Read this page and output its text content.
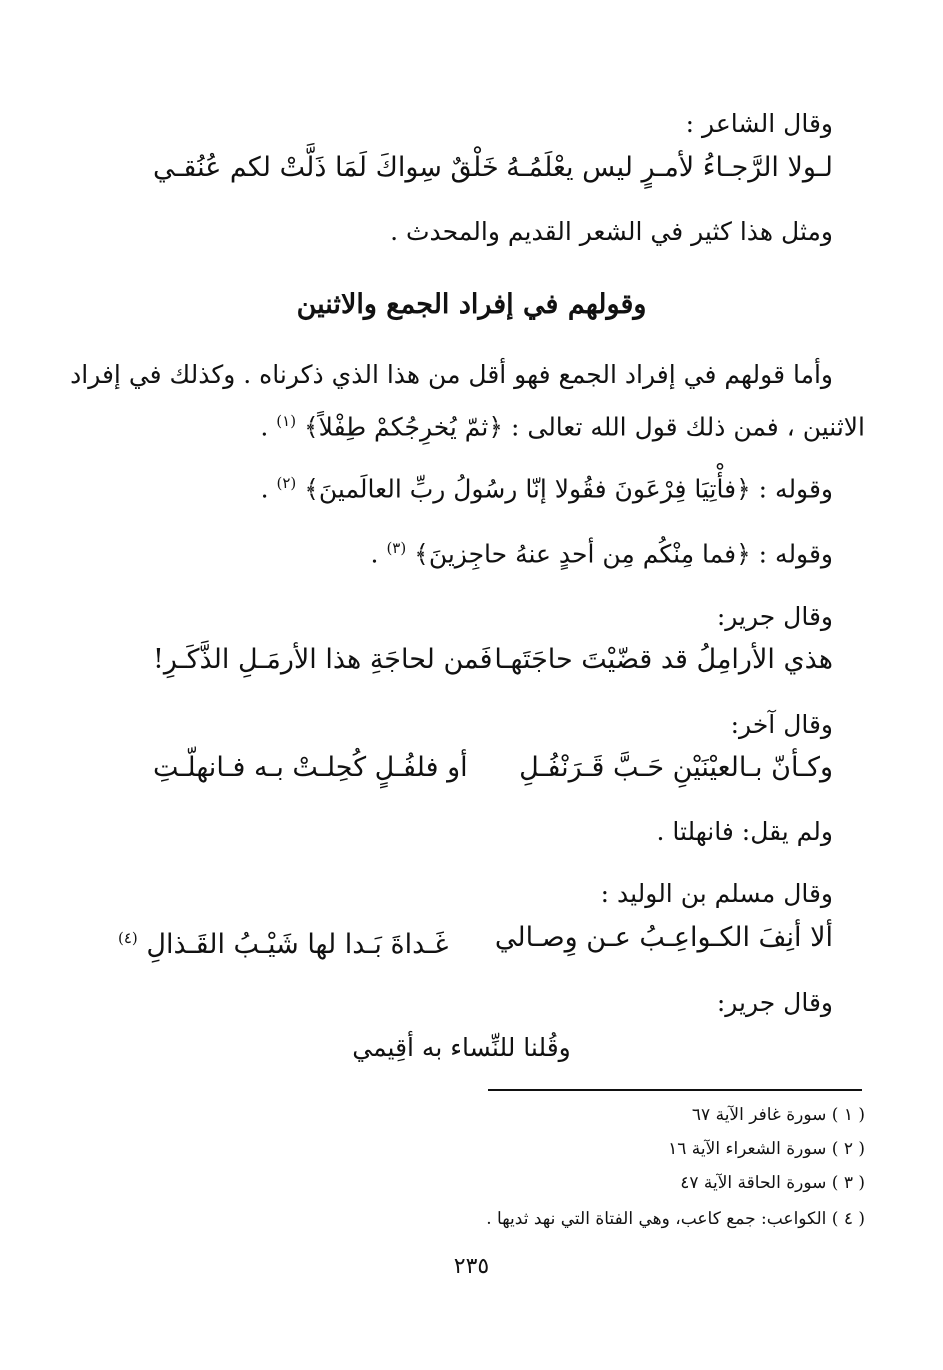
وقال الشاعر :
لـولا الرَّجـاءُ لأمـرٍ ليس يعْلَمُـهُ
خَلْقٌ سِواكَ لَمَا ذَلَّتْ لكم عُنُقـي
ومثل هذا كثير في الشعر القديم والمحدث .
وقولهم في إفراد الجمع والاثنين
وأما قولهم في إفراد الجمع فهو أقل من هذا الذي ذكرناه . وكذلك في إفراد
الاثنين ، فمن ذلك قول الله تعالى : ﴿ثمّ يُخرِجُكمْ طِفْلاً﴾ $^{(١)}$ .
وقوله : ﴿فأْتِيَا فِرْعَونَ فقُولا إنّا رسُولُ ربِّ العالَمينَ﴾ $^{(٢)}$ .
وقوله : ﴿فما مِنْكُم مِن أحدٍ عنهُ حاجِزينَ﴾ $^{(٣)}$ .
وقال جرير:
هذي الأرامِلُ قد قضّيْتَ حاجَتَهـا
فَمن لحاجَةِ هذا الأرمَـلِ الذَّكَـرِ!
وقال آخر:
وكـأنّ بـالعيْنَيْنِ حَـبَّ قَـرَنْفُـلِ
أو فلفُـلٍ كُحِلـتْ بـه فـانهلّـتِ
ولم يقل: فانهلتا .
وقال مسلم بن الوليد :
ألا أنِفَ الكـواعِـبُ عـن وِصـالي
غَـداةَ بَـدا لها شَيْـبُ القَـذالِ $^{(٤)}$
وقال جرير:
وقُلنا للنِّساء به أقِيمي
( ١ ) سورة غافر الآية ٦٧
( ٢ ) سورة الشعراء الآية ١٦
( ٣ ) سورة الحاقة الآية ٤٧
( ٤ ) الكواعب: جمع كاعب، وهي الفتاة التي نهد ثديها .
٢٣٥
